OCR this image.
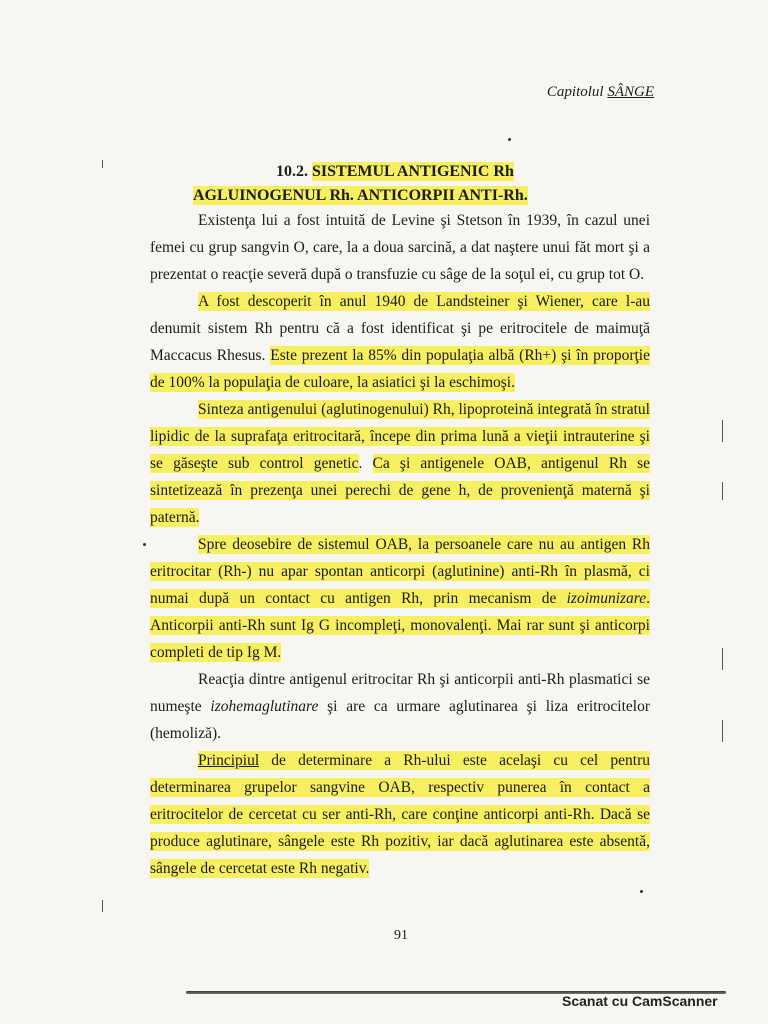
Capitolul SÂNGE
10.2. SISTEMUL ANTIGENIC Rh
AGLUINOGENUL Rh. ANTICORPII ANTI-Rh.

Existenţa lui a fost intuită de Levine şi Stetson în 1939, în cazul unei femei cu grup sangvin O, care, la a doua sarcină, a dat naştere unui făt mort şi a prezentat o reacţie severă după o transfuzie cu sâge de la soţul ei, cu grup tot O.

A fost descoperit în anul 1940 de Landsteiner şi Wiener, care l-au denumit sistem Rh pentru că a fost identificat şi pe eritrocitele de maimuţă Maccacus Rhesus. Este prezent la 85% din populaţia albă (Rh+) şi în proporţie de 100% la populaţia de culoare, la asiatici şi la eschimoşi.

Sinteza antigenului (aglutinogenului) Rh, lipoproteină integrată în stratul lipidic de la suprafaţa eritrocitară, începe din prima lună a vieţii intrauterine şi se găseşte sub control genetic. Ca şi antigenele OAB, antigenul Rh se sintetizează în prezenţa unei perechi de gene h, de provenienţă maternă şi paternă.

Spre deosebire de sistemul OAB, la persoanele care nu au antigen Rh eritrocitar (Rh-) nu apar spontan anticorpi (aglutinine) anti-Rh în plasmă, ci numai după un contact cu antigen Rh, prin mecanism de izoimunizare. Anticorpii anti-Rh sunt Ig G incompleţi, monovalenţi. Mai rar sunt şi anticorpi completi de tip Ig M.

Reacţia dintre antigenul eritrocitar Rh şi anticorpii anti-Rh plasmatici se numeşte izohemaglutinare şi are ca urmare aglutinarea şi liza eritrocitelor (hemoliză).

Principiul de determinare a Rh-ului este acelaşi cu cel pentru determinarea grupelor sangvine OAB, respectiv punerea în contact a eritrocitelor de cercetat cu ser anti-Rh, care conţine anticorpi anti-Rh. Dacă se produce aglutinare, sângele este Rh pozitiv, iar dacă aglutinarea este absentă, sângele de cercetat este Rh negativ.

91
Scanat cu CamScanner
